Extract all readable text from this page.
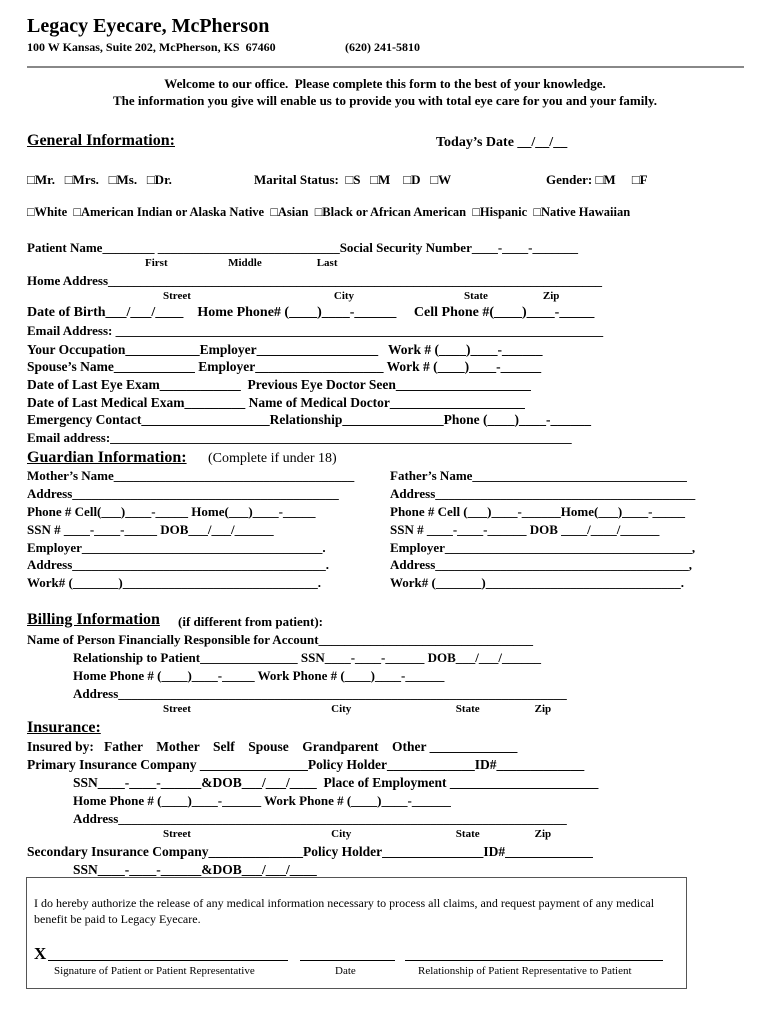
Legacy Eyecare, McPherson
100 W Kansas, Suite 202, McPherson, KS  67460	(620) 241-5810
Welcome to our office.  Please complete this form to the best of your knowledge.
The information you give will enable us to provide you with total eye care for you and your family.
General Information:	Today’s Date __/__/__
□Mr.   □Mrs.   □Ms.   □Dr.	Marital Status:  □S   □M    □D   □W	Gender: □M     □F
□White  □American Indian or Alaska Native  □Asian  □Black or African American  □Hispanic  □Native Hawaiian
Patient Name________ ____________________________Social Security Number____-____-_______
First                      Middle                    Last
Home Address____________________________________________________________________________
Street                                                    City                                        State                    Zip
Date of Birth___/___/____    Home Phone# (____)____-______     Cell Phone #(____)____-_____
Email Address: ___________________________________________________________________________
Your Occupation___________Employer__________________   Work # (____)____-______
Spouse’s Name____________ Employer___________________ Work # (____)____-______
Date of Last Eye Exam____________  Previous Eye Doctor Seen____________________
Date of Last Medical Exam_________ Name of Medical Doctor____________________
Emergency Contact___________________Relationship_______________Phone (____)____-______
Email address:_______________________________________________________________________
Guardian Information: (Complete if under 18)
Mother’s Name_____________________________________	Father’s Name_________________________________
Address_________________________________________	Address________________________________________
Phone # Cell(___)____-_____ Home(___)____-_____	Phone # Cell (___)____-______Home(___)____-_____
SSN # ____-____-_____ DOB___/___/______	SSN # ____-____-______ DOB ____/____/______
Employer_____________________________________.	Employer______________________________________,
Address_______________________________________.	Address_______________________________________,
Work# (_______)______________________________.	Work# (_______)______________________________.
Billing Information (if different from patient):
Name of Person Financially Responsible for Account_________________________________
Relationship to Patient_______________ SSN____-____-______ DOB___/___/______
Home Phone # (____)____-_____ Work Phone # (____)____-______
Address_____________________________________________________________________
Street                                                   City                                      State                    Zip
Insurance:
Insured by:   Father    Mother    Self    Spouse    Grandparent    Other _____________
Primary Insurance Company ________________Policy Holder_____________ID#_____________
SSN____-____-______&DOB___/___/____  Place of Employment ______________________
Home Phone # (____)____-______ Work Phone # (____)____-______
Address_____________________________________________________________________
Street                                                   City                                      State                    Zip
Secondary Insurance Company______________Policy Holder_______________ID#_____________
SSN____-____-______&DOB___/___/____
I do hereby authorize the release of any medical information necessary to process all claims, and request payment of any medical benefit be paid to Legacy Eyecare.
X
Signature of Patient or Patient Representative	Date	Relationship of Patient Representative to Patient
